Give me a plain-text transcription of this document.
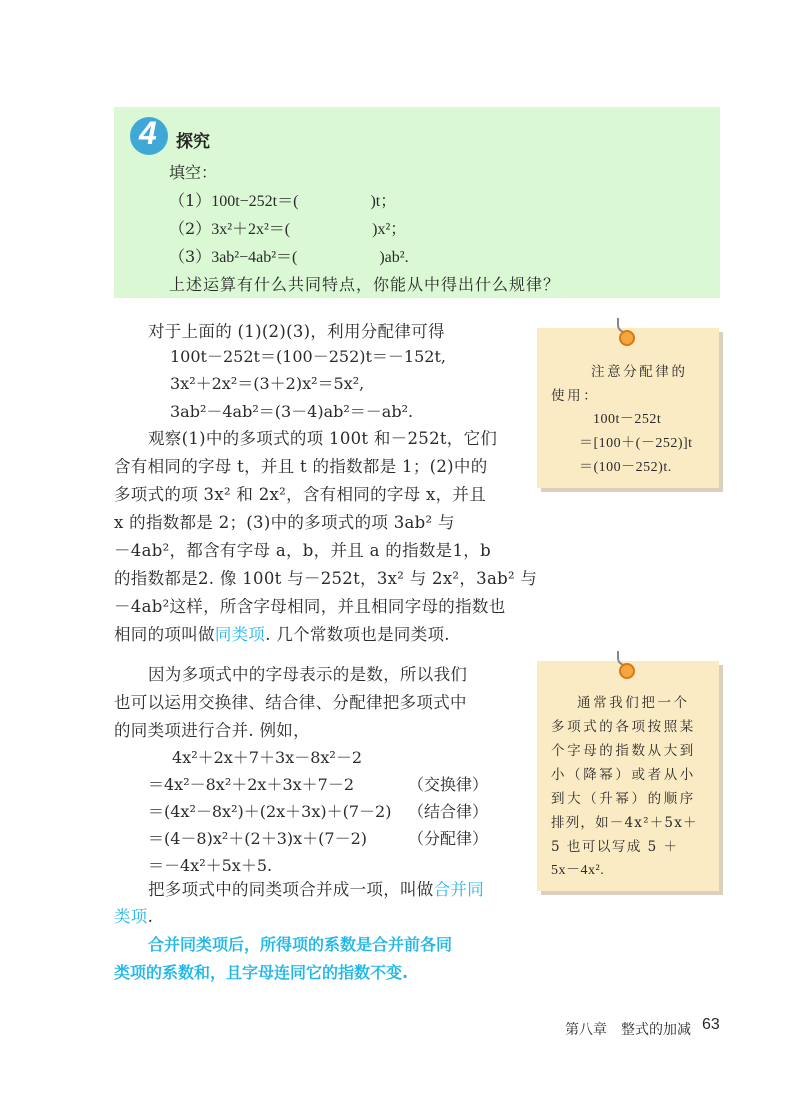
4 探究
填空：
（1）100t−252t＝(	)t；
（2）3x²＋2x²＝(	)x²；
（3）3ab²−4ab²＝(	)ab².
上述运算有什么共同特点，你能从中得出什么规律？
对于上面的 (1)(2)(3)，利用分配律可得
100t－252t＝(100－252)t＝－152t,
3x²＋2x²＝(3＋2)x²＝5x²,
3ab²－4ab²＝(3－4)ab²＝－ab².
观察(1)中的多项式的项 100t 和－252t，它们
含有相同的字母 t，并且 t 的指数都是 1；(2)中的
多项式的项 3x² 和 2x²，含有相同的字母 x，并且
x 的指数都是 2；(3)中的多项式的项 3ab² 与
－4ab²，都含有字母 a，b，并且 a 的指数是1，b
的指数都是2. 像 100t 与－252t，3x² 与 2x²，3ab² 与
－4ab²这样，所含字母相同，并且相同字母的指数也
相同的项叫做同类项. 几个常数项也是同类项.
因为多项式中的字母表示的是数，所以我们
也可以运用交换律、结合律、分配律把多项式中
的同类项进行合并. 例如，
4x²＋2x＋7＋3x－8x²－2
＝4x²－8x²＋2x＋3x＋7－2	（交换律）
＝(4x²－8x²)＋(2x＋3x)＋(7－2) （结合律）
＝(4－8)x²＋(2＋3)x＋(7－2)	（分配律）
＝－4x²＋5x＋5.
把多项式中的同类项合并成一项，叫做合并同
类项.
合并同类项后，所得项的系数是合并前各同
类项的系数和，且字母连同它的指数不变.
注意分配律的
使用：
100t－252t
＝[100＋(－252)]t
＝(100－252)t.
通常我们把一个
多项式的各项按照某
个字母的指数从大到
小（降幂）或者从小
到大（升幂）的顺序
排列，如－4x²＋5x＋
5 也可以写成 5 ＋
5x－4x².
第八章　整式的加减 63
